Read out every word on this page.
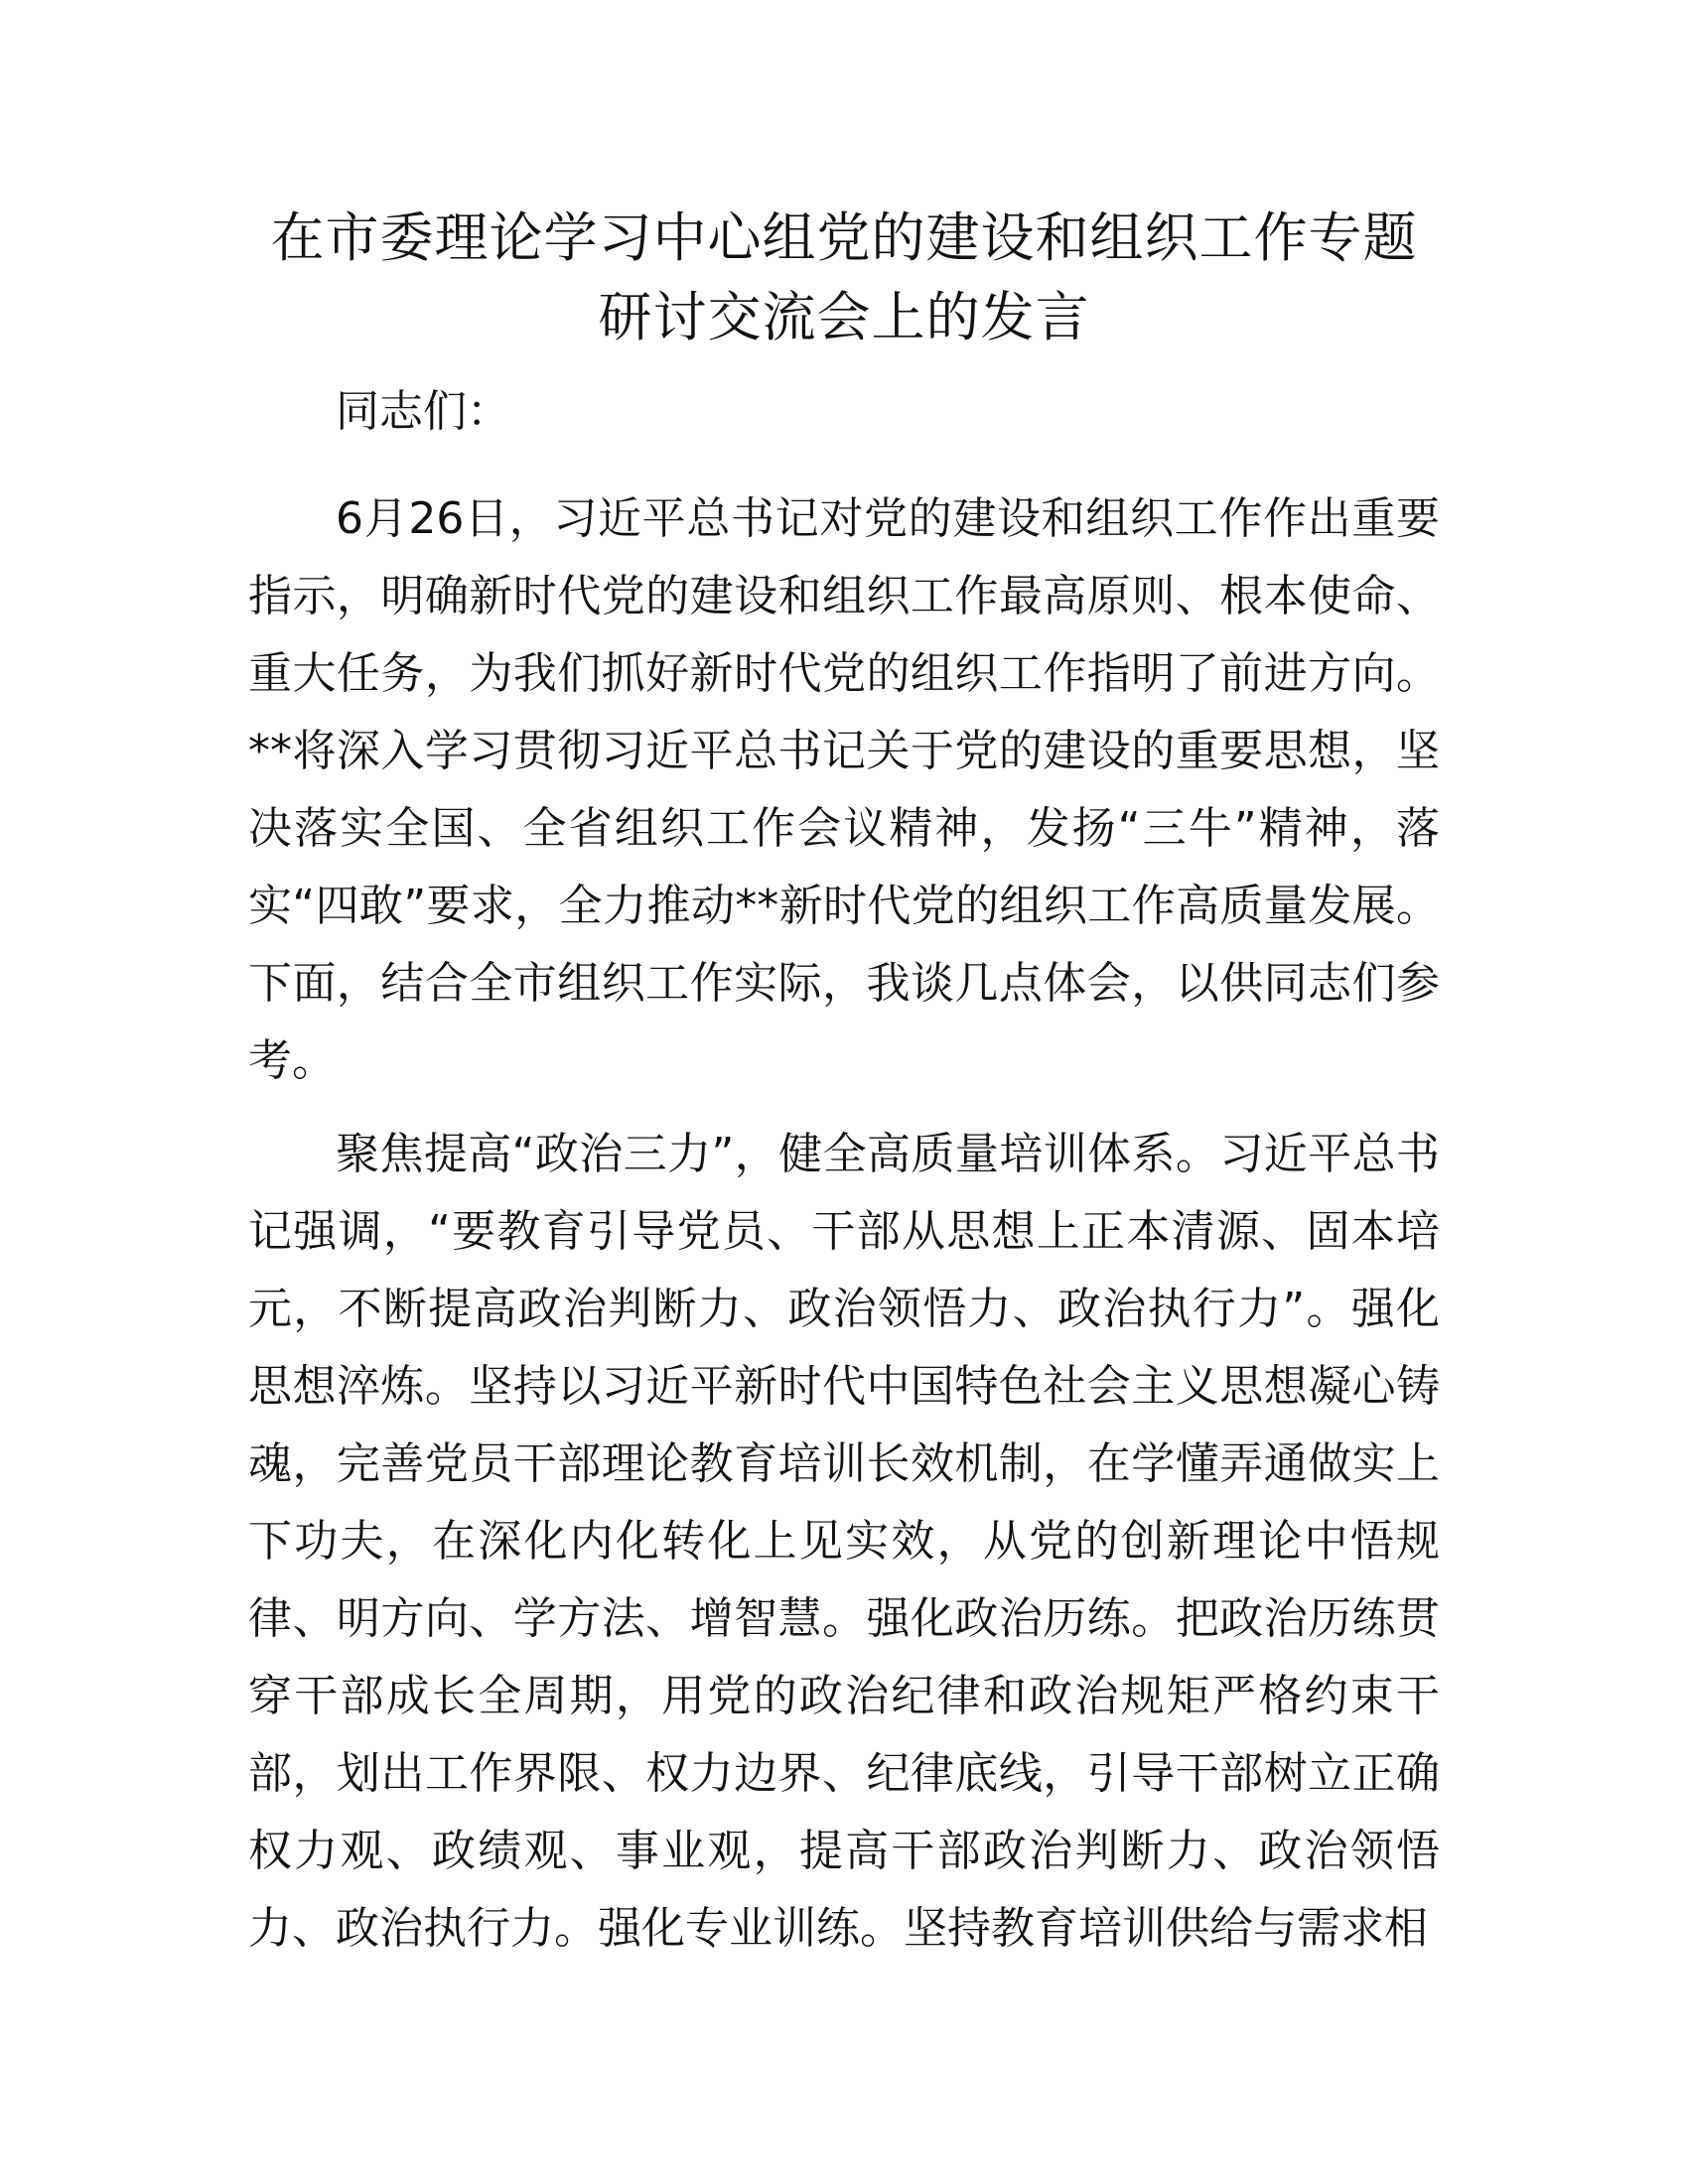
在市委理论学习中心组党的建设和组织工作专题研讨交流会上的发言

同志们：

6月26日，习近平总书记对党的建设和组织工作作出重要指示，明确新时代党的建设和组织工作最高原则、根本使命、重大任务，为我们抓好新时代党的组织工作指明了前进方向。**将深入学习贯彻习近平总书记关于党的建设的重要思想，坚决落实全国、全省组织工作会议精神，发扬“三牛”精神，落实“四敢”要求，全力推动**新时代党的组织工作高质量发展。下面，结合全市组织工作实际，我谈几点体会，以供同志们参考。

聚焦提高“政治三力”，健全高质量培训体系。习近平总书记强调，“要教育引导党员、干部从思想上正本清源、固本培元，不断提高政治判断力、政治领悟力、政治执行力”。强化思想淬炼。坚持以习近平新时代中国特色社会主义思想凝心铸魂，完善党员干部理论教育培训长效机制，在学懂弄通做实上下功夫，在深化内化转化上见实效，从党的创新理论中悟规律、明方向、学方法、增智慧。强化政治历练。把政治历练贯穿干部成长全周期，用党的政治纪律和政治规矩严格约束干部，划出工作界限、权力边界、纪律底线，引导干部树立正确权力观、政绩观、事业观，提高干部政治判断力、政治领悟力、政治执行力。强化专业训练。坚持教育培训供给与需求相
